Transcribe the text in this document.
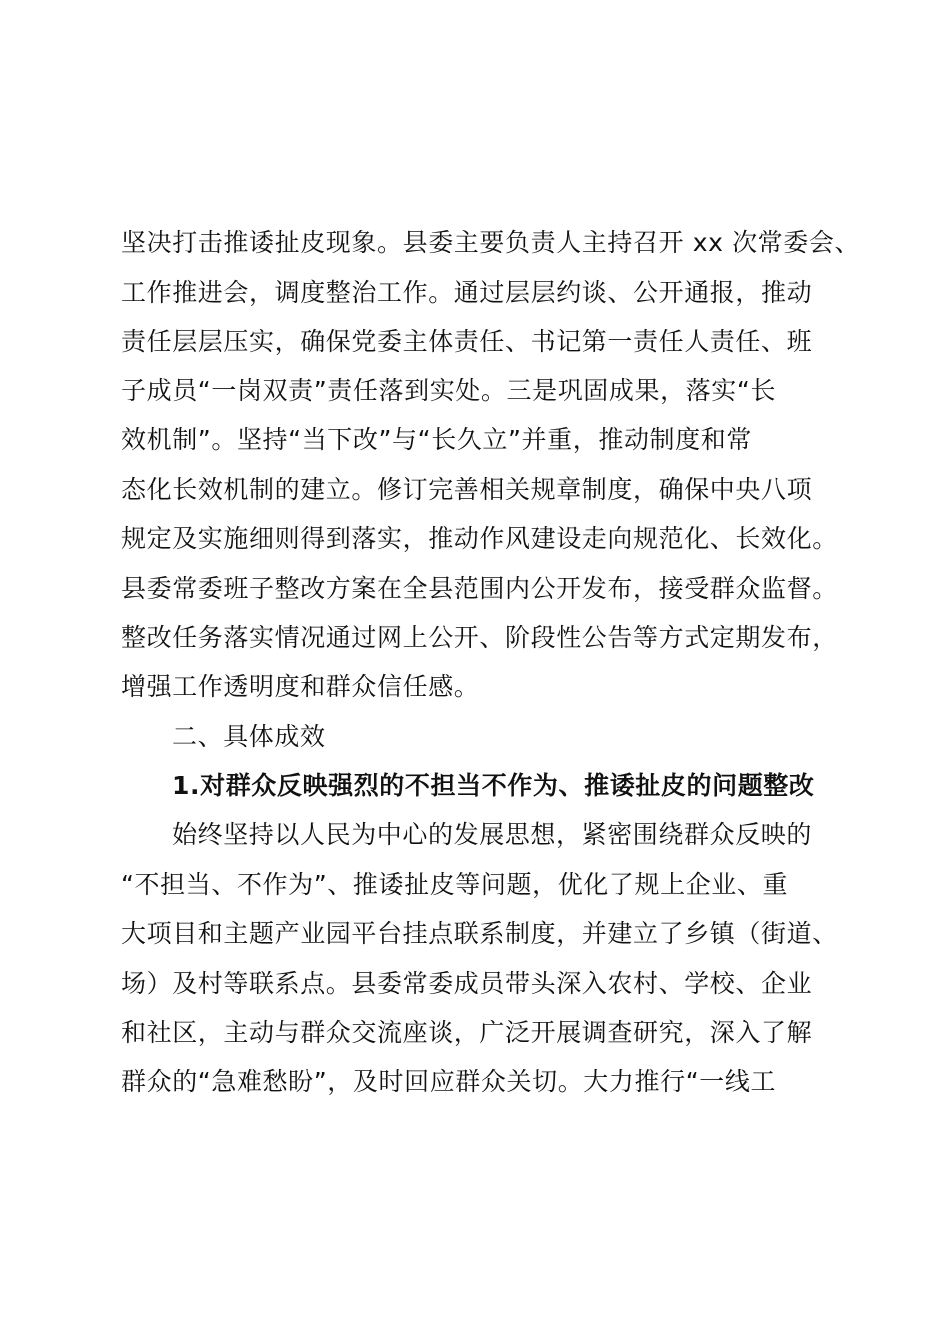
坚决打击推诿扯皮现象。县委主要负责人主持召开 xx 次常委会、
工作推进会，调度整治工作。通过层层约谈、公开通报，推动
责任层层压实，确保党委主体责任、书记第一责任人责任、班
子成员“一岗双责”责任落到实处。三是巩固成果，落实“长
效机制”。坚持“当下改”与“长久立”并重，推动制度和常
态化长效机制的建立。修订完善相关规章制度，确保中央八项
规定及实施细则得到落实，推动作风建设走向规范化、长效化。
县委常委班子整改方案在全县范围内公开发布，接受群众监督。
整改任务落实情况通过网上公开、阶段性公告等方式定期发布，
增强工作透明度和群众信任感。
二、具体成效
1.对群众反映强烈的不担当不作为、推诿扯皮的问题整改
始终坚持以人民为中心的发展思想，紧密围绕群众反映的
“不担当、不作为”、推诿扯皮等问题，优化了规上企业、重
大项目和主题产业园平台挂点联系制度，并建立了乡镇（街道、
场）及村等联系点。县委常委成员带头深入农村、学校、企业
和社区，主动与群众交流座谈，广泛开展调查研究，深入了解
群众的“急难愁盼”，及时回应群众关切。大力推行“一线工
